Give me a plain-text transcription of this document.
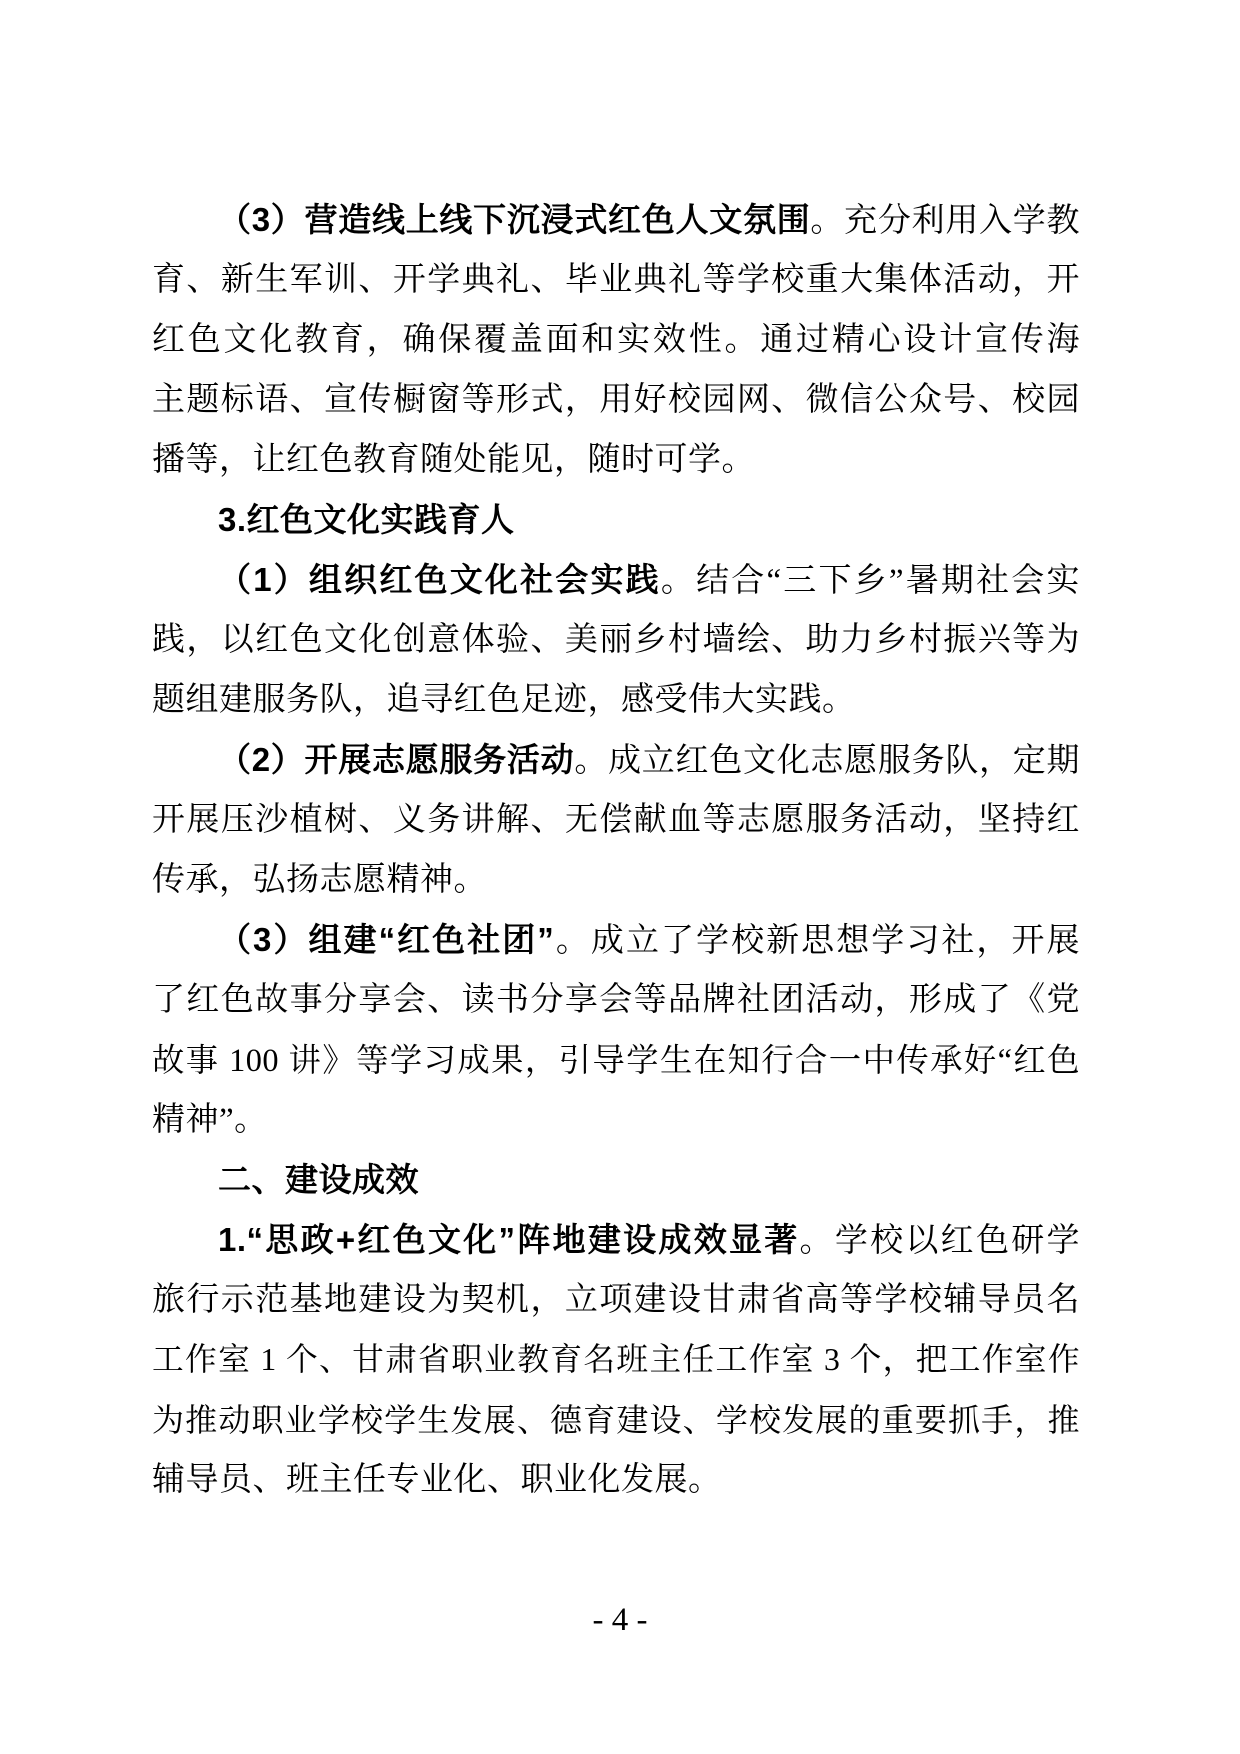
（3）营造线上线下沉浸式红色人文氛围。充分利用入学教
育、新生军训、开学典礼、毕业典礼等学校重大集体活动，开
红色文化教育，确保覆盖面和实效性。通过精心设计宣传海
主题标语、宣传橱窗等形式，用好校园网、微信公众号、校园
播等，让红色教育随处能见，随时可学。
3.红色文化实践育人
（1）组织红色文化社会实践。结合“三下乡”暑期社会实
践，以红色文化创意体验、美丽乡村墙绘、助力乡村振兴等为
题组建服务队，追寻红色足迹，感受伟大实践。
（2）开展志愿服务活动。成立红色文化志愿服务队，定期
开展压沙植树、义务讲解、无偿献血等志愿服务活动，坚持红
传承，弘扬志愿精神。
（3）组建“红色社团”。成立了学校新思想学习社，开展
了红色故事分享会、读书分享会等品牌社团活动，形成了《党
故事 100 讲》等学习成果，引导学生在知行合一中传承好“红色
精神”。
二、建设成效
1.“思政+红色文化”阵地建设成效显著。学校以红色研学
旅行示范基地建设为契机，立项建设甘肃省高等学校辅导员名
工作室 1 个、甘肃省职业教育名班主任工作室 3 个，把工作室作
为推动职业学校学生发展、德育建设、学校发展的重要抓手，推
辅导员、班主任专业化、职业化发展。
- 4 -
